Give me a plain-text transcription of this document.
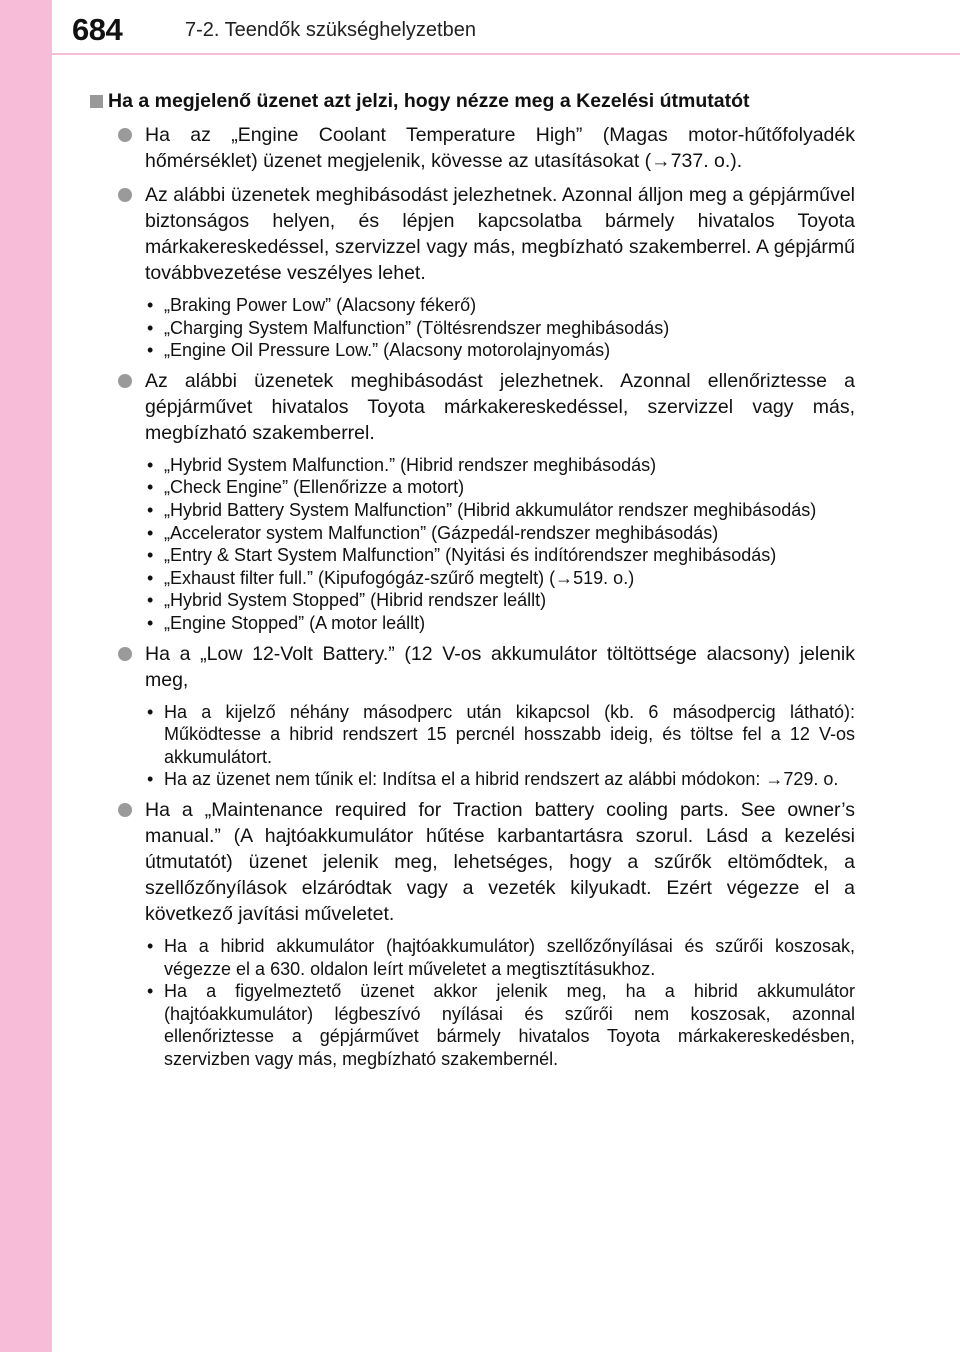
684	7-2. Teendők szükséghelyzetben
Ha a megjelenő üzenet azt jelzi, hogy nézze meg a Kezelési útmutatót
Ha az „Engine Coolant Temperature High” (Magas motor-hűtőfolyadék hőmérséklet) üzenet megjelenik, kövesse az utasításokat (→737. o.).
Az alábbi üzenetek meghibásodást jelezhetnek. Azonnal álljon meg a gépjárművel biztonságos helyen, és lépjen kapcsolatba bármely hivatalos Toyota márkakereskedéssel, szervizzel vagy más, megbízható szakemberrel. A gépjármű továbbvezetése veszélyes lehet.
• „Braking Power Low” (Alacsony fékerő)
• „Charging System Malfunction” (Töltésrendszer meghibásodás)
• „Engine Oil Pressure Low.” (Alacsony motorolajnyomás)
Az alábbi üzenetek meghibásodást jelezhetnek. Azonnal ellenőriztesse a gépjárművet hivatalos Toyota márkakereskedéssel, szervizzel vagy más, megbízható szakemberrel.
• „Hybrid System Malfunction.” (Hibrid rendszer meghibásodás)
• „Check Engine” (Ellenőrizze a motort)
• „Hybrid Battery System Malfunction” (Hibrid akkumulátor rendszer meghibásodás)
• „Accelerator system Malfunction” (Gázpedál-rendszer meghibásodás)
• „Entry & Start System Malfunction” (Nyitási és indítórendszer meghibásodás)
• „Exhaust filter full.” (Kipufogógáz-szűrő megtelt) (→519. o.)
• „Hybrid System Stopped” (Hibrid rendszer leállt)
• „Engine Stopped” (A motor leállt)
Ha a „Low 12-Volt Battery.” (12 V-os akkumulátor töltöttsége alacsony) jelenik meg,
• Ha a kijelző néhány másodperc után kikapcsol (kb. 6 másodpercig látható): Működtesse a hibrid rendszert 15 percnél hosszabb ideig, és töltse fel a 12 V-os akkumulátort.
• Ha az üzenet nem tűnik el: Indítsa el a hibrid rendszert az alábbi módokon: →729. o.
Ha a „Maintenance required for Traction battery cooling parts. See owner’s manual.” (A hajtóakkumulátor hűtése karbantartásra szorul. Lásd a kezelési útmutatót) üzenet jelenik meg, lehetséges, hogy a szűrők eltömődtek, a szellőzőnyílások elzáródtak vagy a vezeték kilyukadt. Ezért végezze el a következő javítási műveletet.
• Ha a hibrid akkumulátor (hajtóakkumulátor) szellőzőnyílásai és szűrői koszosak, végezze el a 630. oldalon leírt műveletet a megtisztításukhoz.
• Ha a figyelmeztető üzenet akkor jelenik meg, ha a hibrid akkumulátor (hajtóakkumulátor) légbeszívó nyílásai és szűrői nem koszosak, azonnal ellenőriztesse a gépjárművet bármely hivatalos Toyota márkakereskedésben, szervizben vagy más, megbízható szakembernél.
